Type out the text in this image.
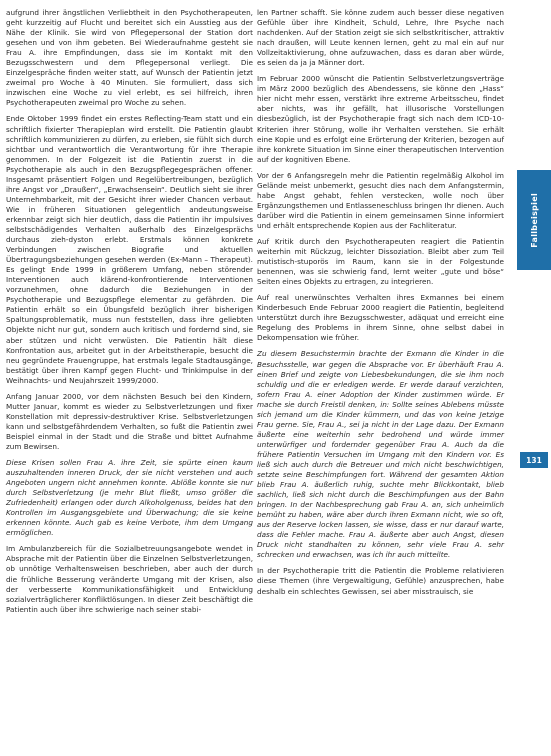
aufgrund ihrer ängstlichen Verliebtheit in den Psychotherapeuten, geht kurzzeitig auf Flucht und bereitet sich ein Ausstieg aus der Nähe der Klinik. Sie wird von Pflegepersonal der Station dort gesehen und von ihm gebeten. Bei Wiederaufnahme gesteht sie Frau A. ihre Empfindungen, dass sie im Kontakt mit den Bezugsschwestern und dem Pflegepersonal verliegt. Die Einzelgespräche finden weiter statt, auf Wunsch der Patientin jetzt zweimal pro Woche à 40 Minuten. Sie formuliert, dass sich inzwischen eine Woche zu viel erlebt, es sei hilfreich, ihren Psychotherapeuten zweimal pro Woche zu sehen.

Ende Oktober 1999 findet ein erstes Reflecting-Team statt und ein schriftlich fixierter Therapieplan wird erstellt. Die Patientin glaubt schriftlich kommunizieren zu dürfen, zu erleben, sie fühlt sich durch sichtbar und verantwortlich die Verantwortung für ihre Therapie genommen. In der Folgezeit ist die Patientin zuerst in die Psychotherapie als auch in den Bezugspflegegesprächen offener. Insgesamt präsentiert Folgen und Regelübertreibungen, bezüglich ihre Angst vor „Draußen“, „Erwachsensein“. Deutlich sieht sie ihrer Unternehmbarkeit, mit der Gesicht ihrer wieder Chancen verbaut. Wie in früheren Situationen gelegentlich andeutungsweise erkennbar zeigt sich hier deutlich, dass die Patientin ihr impulsives selbstschädigendes Verhalten außerhalb des Einzelgesprächs durchaus zieh-dyston erlebt. Erstmals können konkrete Verbindungen zwischen Biografie und aktuellen Übertragungsbeziehungen gesehen werden (Ex-Mann – Therapeut). Es gelingt Ende 1999 in größerem Umfang, neben störender Interventionen auch klärend-konfrontierende Interventionen vorzunehmen, ohne dadurch die Beziehungen in der Psychotherapie und Bezugspflege elementar zu gefährden. Die Patientin erhält so ein Übungsfeld bezüglich ihrer bisherigen Spaltungsproblematik, muss nun feststellen, dass ihre geliebten Objekte nicht nur gut, sondern auch kritisch und fordernd sind, sie aber stützen und nicht verwüsten. Die Patientin hält diese Konfrontation aus, arbeitet gut in der Arbeitstherapie, besucht die neu gegründete Frauengruppe, hat erstmals legale Stadtausgänge, bestätigt über ihren Kampf gegen Flucht- und Trinkimpulse in der Weihnachts- und Neujahrszeit 1999/2000.

Anfang Januar 2000, vor dem nächsten Besuch bei den Kindern, Mutter Januar, kommt es wieder zu Selbstverletzungen und fixer Konstellation mit depressiv-destruktiver Krise. Selbstverletzungen kann und selbstgefährdendem Verhalten, so fußt die Patientin zwei Beispiel einmal in der Stadt und die Straße und bittet Aufnahme zum Bewirsen.

Diese Krisen sollen Frau A. ihre Zeit, sie spürte einen kaum auszuhaltenden inneren Druck, der sie nicht verstehen und auch Angeboten ungern nicht annehmen konnte. Ablöße konnte sie nur durch Selbstverletzung (je mehr Blut fließt, umso größer die Zufriedenheit) erlangen oder durch Alkoholgenuss, beides hat den Kontrollen im Ausgangsgebiete und Überwachung; die sie keine erkennen könnte. Auch gab es keine Verbote, ihm dem Umgang ermöglichen.

Im Ambulanzbereich für die Sozialbetreuungsangebote wendet in Absprache mit der Patientin über die Einzelnen Selbstverletzungen, ob unnötige Verhaltensweisen beschrieben, aber auch der durch die frühliche Besserung veränderte Umgang mit der Krisen, also der verbesserte Kommunikationsfähigkeit und Entwicklung sozialverträglicherer Konfliktlösungen. In dieser Zeit beschäftigt die Patientin auch über ihre schwierige nach seiner stabi-

len Partner schafft. Sie könne zudem auch besser diese negativen Gefühle über ihre Kindheit, Schuld, Lehre, Ihre Psyche nach nachdenken. Auf der Station zeigt sie sich selbstkritischer, attraktiv nach draußen, will Leute kennen lernen, geht zu mal ein auf nur Vollzeitaktivierung, ohne aufzuwachen, dass es daran aber würde, es seien da ja ja Männer dort.

Im Februar 2000 wünscht die Patientin Selbstverletzungsverträge im März 2000 bezüglich des Abendessens, sie könne den „Hass“ hier nicht mehr essen, verstärkt ihre extreme Arbeitsscheu, findet aber nichts, was ihr gefällt, hat illusorische Vorstellungen diesbezüglich, ist der Psychotherapie fragt sich nach dem ICD-10-Kriterien ihrer Störung, wolle ihr Verhalten verstehen. Sie erhält eine Kopie und es erfolgt eine Erörterung der Kriterien, bezogen auf ihre konkrete Situation im Sinne einer therapeutischen Intervention auf der kognitiven Ebene.

Vor der 6 Anfangsregeln mehr die Patientin regelmäßig Alkohol im Gelände meist unbemerkt, gesucht dies nach dem Anfangstermin, habe Angst gehabt, fehlen verstecken, wolle noch über Ergänzungsthemen und Entlasseneschluss bringen Ihr dienen. Auch darüber wird die Patientin in einem gemeinsamen Sinne informiert und erhält entsprechende Kopien aus der Fachliteratur.

Auf Kritik durch den Psychotherapeuten reagiert die Patientin weiterhin mit Rückzug, leichter Dissoziation. Bleibt aber zum Teil mutistisch-stuporös im Raum, kann sie in der Folgestunde benennen, was sie schwierig fand, lernt weiter „gute und böse“ Seiten eines Objekts zu ertragen, zu integrieren.

Auf real unerwünschtes Verhalten ihres Exmannes bei einem Kinderbesuch Ende Februar 2000 reagiert die Patientin, begleitend unterstützt durch ihre Bezugsschwester, adäquat und erreicht eine Regelung des Problems in ihrem Sinne, ohne selbst dabei in Dekompensation wie früher.

Zu diesem Besuchstermin brachte der Exmann die Kinder in die Besuchsstelle, war gegen die Absprache vor. Er überhäuft Frau A. einen Brief und zeigte von Liebesbekundungen, die sie ihm noch schuldig und die er erledigen werde. Er werde darauf verzichten, sofern Frau A. einer Adoption der Kinder zustimmen würde. Er mache sie durch Freistil denken, in: Sollte seines Ablebens müsste sich jemand um die Kinder kümmern, und das von keine Jetzige Frau gerne. Sie, Frau A., sei ja nicht in der Lage dazu. Der Exmann äußerte eine weiterhin sehr bedrohend und würde immer unterwürfiger und fordernder gegenüber Frau A. Auch da die frühere Patientin Versuchen im Umgang mit den Kindern vor. Es ließ sich auch durch die Betreuer und mich nicht beschwichtigen, setzte seine Beschimpfungen fort. Während der gesamten Aktion blieb Frau A. äußerlich ruhig, suchte mehr Blickkontakt, blieb sachlich, ließ sich nicht durch die Beschimpfungen aus der Bahn bringen. In der Nachbesprechung gab Frau A. an, sich unheimlich bemüht zu haben, wäre aber durch ihren Exmann nicht, wie so oft, aus der Reserve locken lassen, sie wisse, dass er nur darauf warte, dass die Fehler mache. Frau A. äußerte aber auch Angst, diesen Druck nicht standhalten zu können, sehr viele Frau A. sehr schrecken und erwachsen, was ich ihr auch mitteilte.

In der Psychotherapie tritt die Patientin die Probleme relativieren diese Themen (ihre Vergewaltigung, Gefühle) anzusprechen, habe deshalb ein schlechtes Gewissen, sei aber misstrauisch, sie

Fallbeispiel
131
